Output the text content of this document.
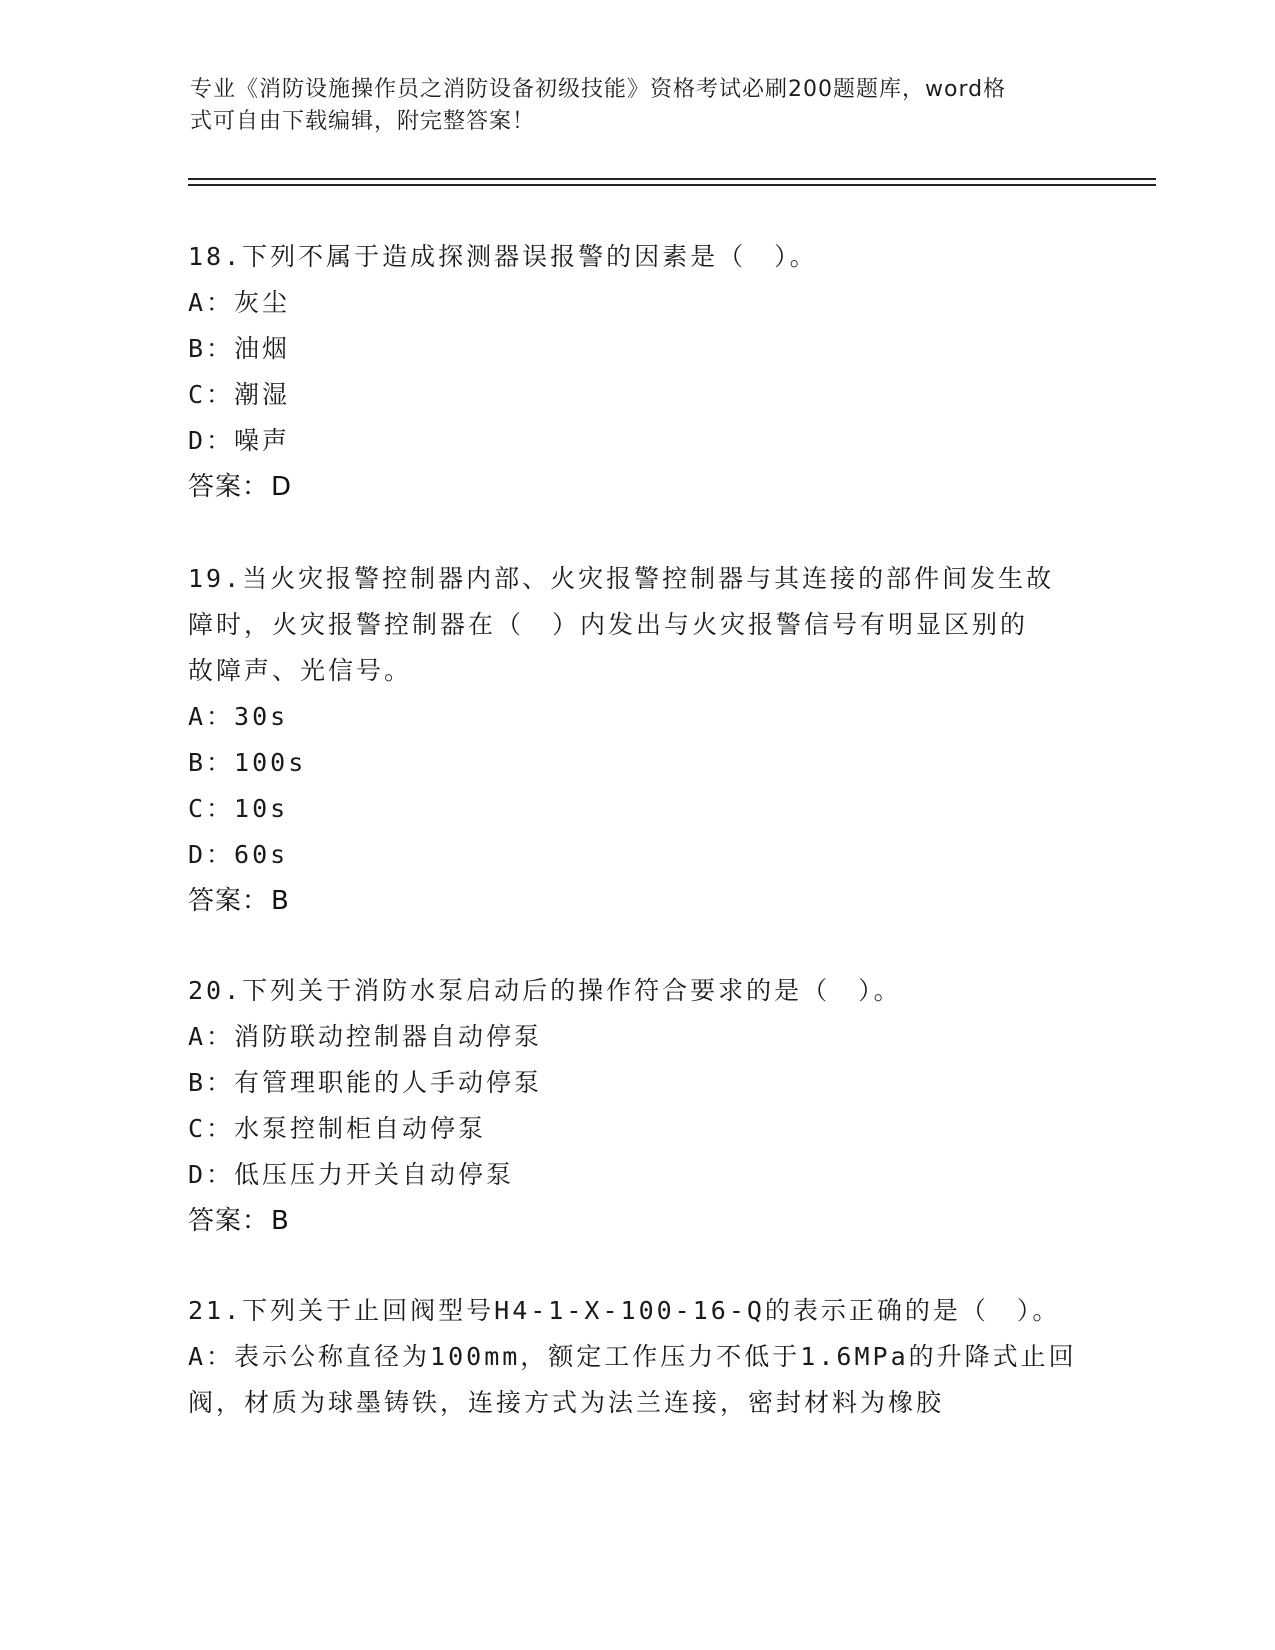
专业《消防设施操作员之消防设备初级技能》资格考试必刷200题题库，word格

式可自由下载编辑，附完整答案！

18.下列不属于造成探测器误报警的因素是（　）。
A：灰尘
B：油烟
C：潮湿
D：噪声
答案：D
19.当火灾报警控制器内部、火灾报警控制器与其连接的部件间发生故
障时，火灾报警控制器在（　）内发出与火灾报警信号有明显区别的
故障声、光信号。
A：30s
B：100s
C：10s
D：60s
答案：B
20.下列关于消防水泵启动后的操作符合要求的是（　）。
A：消防联动控制器自动停泵
B：有管理职能的人手动停泵
C：水泵控制柜自动停泵
D：低压压力开关自动停泵
答案：B
21.下列关于止回阀型号H4-1-X-100-16-Q的表示正确的是（　）。
A：表示公称直径为100mm，额定工作压力不低于1.6MPa的升降式止回
阀，材质为球墨铸铁，连接方式为法兰连接，密封材料为橡胶
